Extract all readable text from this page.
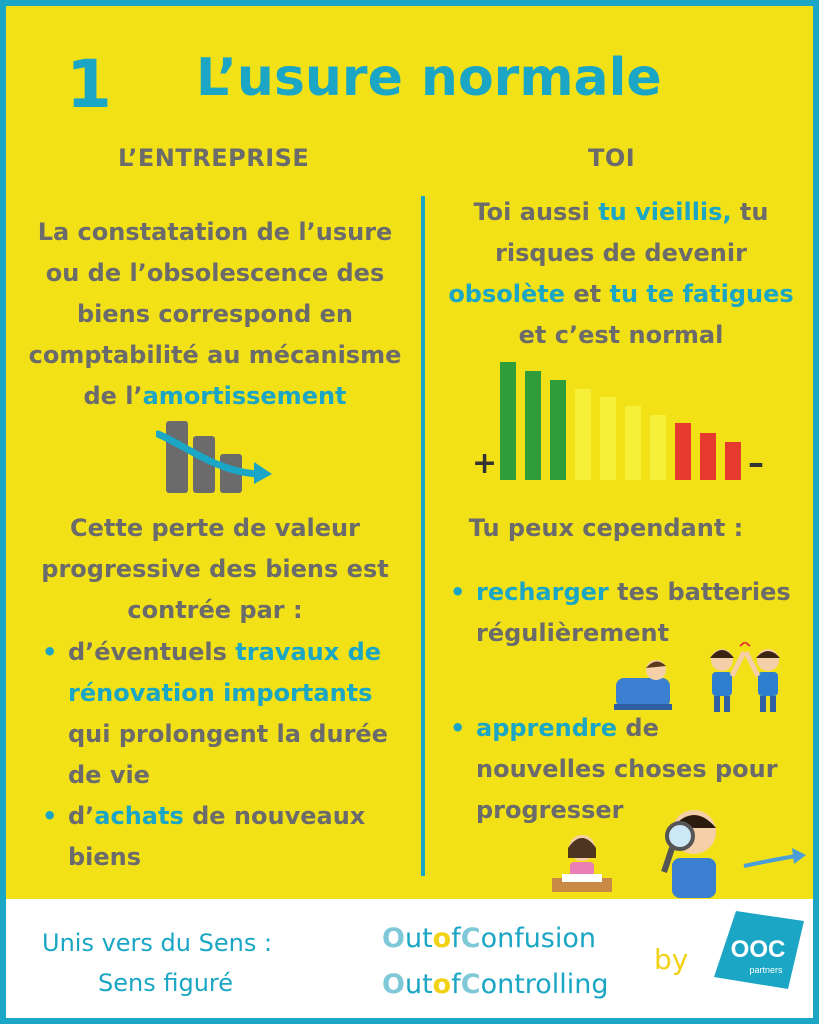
1 L’usure normale
L’ENTREPRISE	TOI
La constatation de l’usure
ou de l’obsolescence des
biens correspond en
comptabilité au mécanisme
de l’amortissement
Cette perte de valeur
progressive des biens est
contrée par :
• d’éventuels travaux de
rénovation importants
qui prolongent la durée
de vie
• d’achats de nouveaux
biens
Toi aussi tu vieillis, tu
risques de devenir
obsolète et tu te fatigues
et c’est normal
+	–
Tu peux cependant :
• recharger tes batteries
régulièrement
• apprendre de
nouvelles choses pour
progresser
Unis vers du Sens :
Sens figuré
OutofConfusion
OutofControlling
by OOC
partners
